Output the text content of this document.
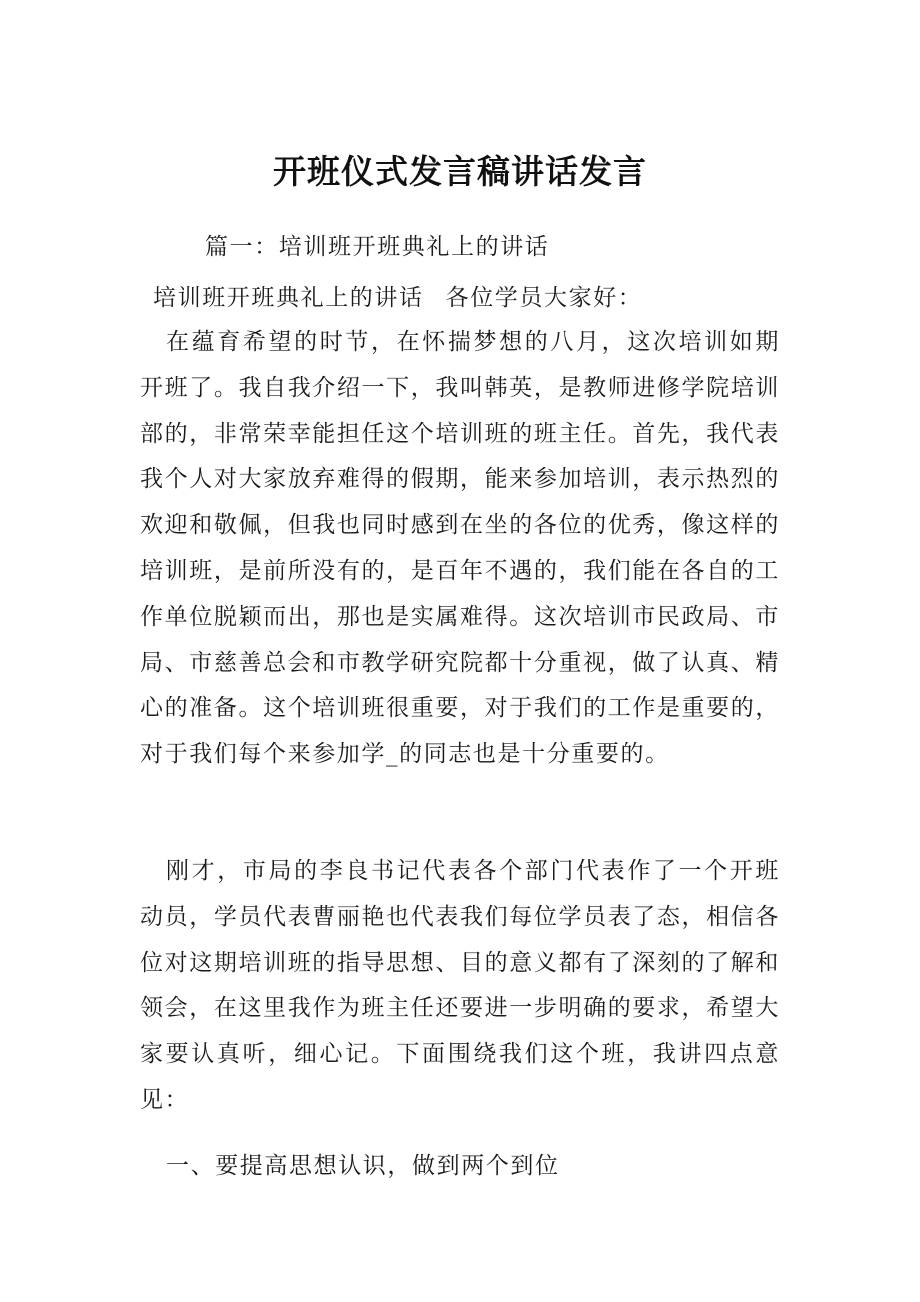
开班仪式发言稿讲话发言
篇一：培训班开班典礼上的讲话
培训班开班典礼上的讲话 各位学员大家好：

在蕴育希望的时节，在怀揣梦想的八月，这次培训如期开班了。我自我介绍一下，我叫韩英，是教师进修学院培训部的，非常荣幸能担任这个培训班的班主任。首先，我代表我个人对大家放弃难得的假期，能来参加培训，表示热烈的欢迎和敬佩，但我也同时感到在坐的各位的优秀，像这样的培训班，是前所没有的，是百年不遇的，我们能在各自的工作单位脱颖而出，那也是实属难得。这次培训市民政局、市局、市慈善总会和市教学研究院都十分重视，做了认真、精心的准备。这个培训班很重要，对于我们的工作是重要的，对于我们每个来参加学_的同志也是十分重要的。

刚才，市局的李良书记代表各个部门代表作了一个开班动员，学员代表曹丽艳也代表我们每位学员表了态，相信各位对这期培训班的指导思想、目的意义都有了深刻的了解和领会，在这里我作为班主任还要进一步明确的要求，希望大家要认真听，细心记。下面围绕我们这个班，我讲四点意见：

一、要提高思想认识，做到两个到位
